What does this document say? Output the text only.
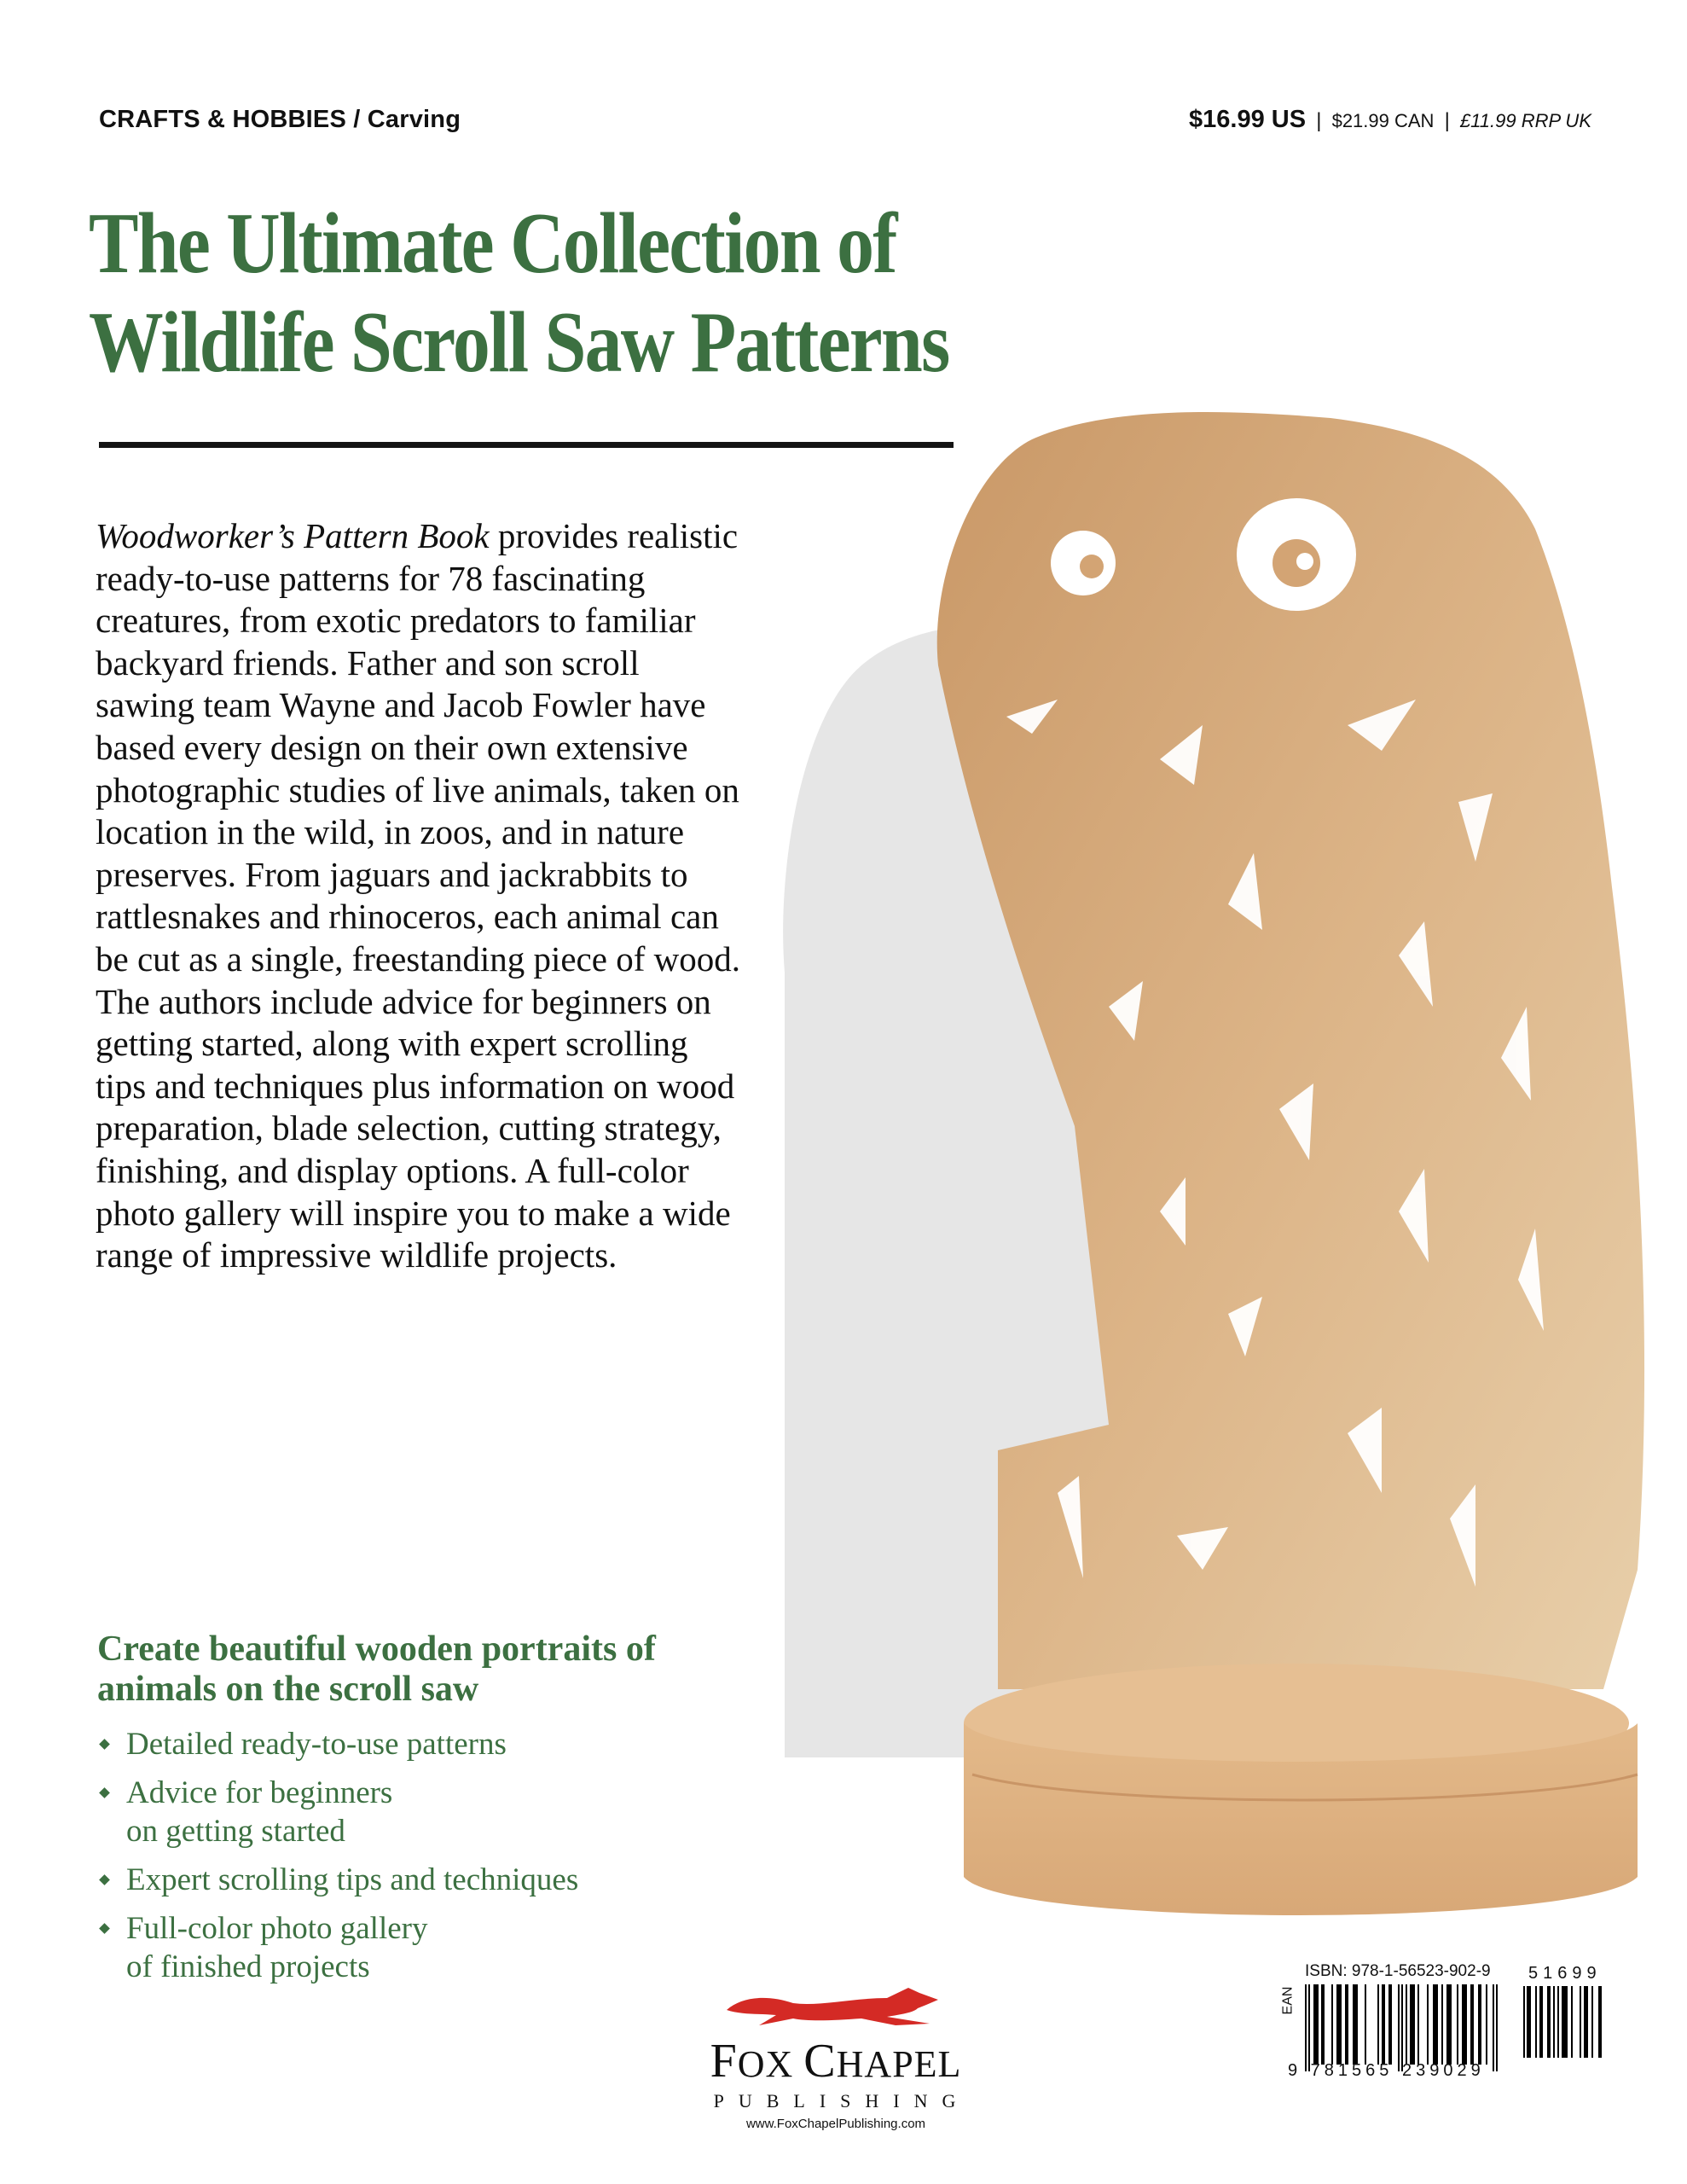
CRAFTS & HOBBIES / Carving	$16.99 US | $21.99 CAN | £11.99 RRP UK
The Ultimate Collection of
Wildlife Scroll Saw Patterns
Woodworker’s Pattern Book provides realistic ready-to-use patterns for 78 fascinating creatures, from exotic predators to familiar backyard friends. Father and son scroll sawing team Wayne and Jacob Fowler have based every design on their own extensive photographic studies of live animals, taken on location in the wild, in zoos, and in nature preserves. From jaguars and jackrabbits to rattlesnakes and rhinoceros, each animal can be cut as a single, freestanding piece of wood. The authors include advice for beginners on getting started, along with expert scrolling tips and techniques plus information on wood preparation, blade selection, cutting strategy, finishing, and display options. A full-color photo gallery will inspire you to make a wide range of impressive wildlife projects.
Create beautiful wooden portraits of animals on the scroll saw
Detailed ready-to-use patterns
Advice for beginners on getting started
Expert scrolling tips and techniques
Full-color photo gallery of finished projects
FOX CHAPEL
PUBLISHING
www.FoxChapelPublishing.com
EAN
ISBN: 978-1-56523-902-9
9 781565 239029
51699
